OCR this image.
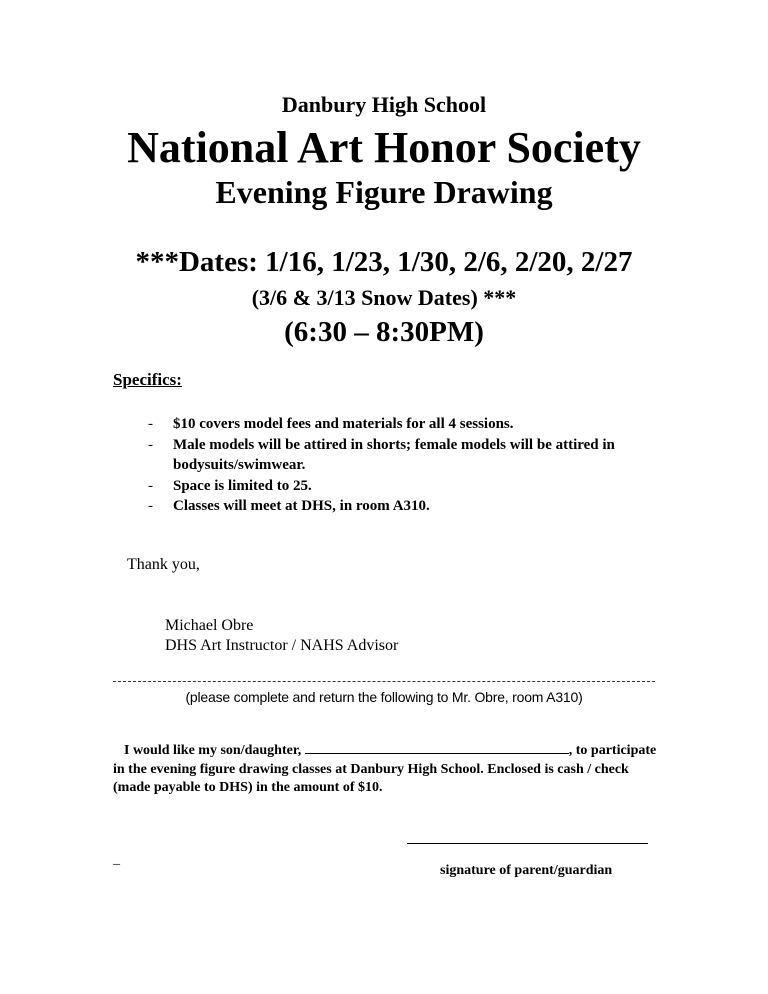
Danbury High School
National Art Honor Society
Evening Figure Drawing

***Dates: 1/16, 1/23, 1/30, 2/6, 2/20, 2/27

(3/6 & 3/13 Snow Dates) ***

(6:30 – 8:30PM)

Specifics:

- $10 covers model fees and materials for all 4 sessions.
- Male models will be attired in shorts; female models will be attired in bodysuits/swimwear.
- Space is limited to 25.
- Classes will meet at DHS, in room A310.

Thank you,

Michael Obre

DHS Art Instructor / NAHS Advisor

(please complete and return the following to Mr. Obre, room A310)

I would like my son/daughter,	, to participate in the evening figure drawing classes at Danbury High School. Enclosed is cash / check (made payable to DHS) in the amount of $10.

_

signature of parent/guardian
